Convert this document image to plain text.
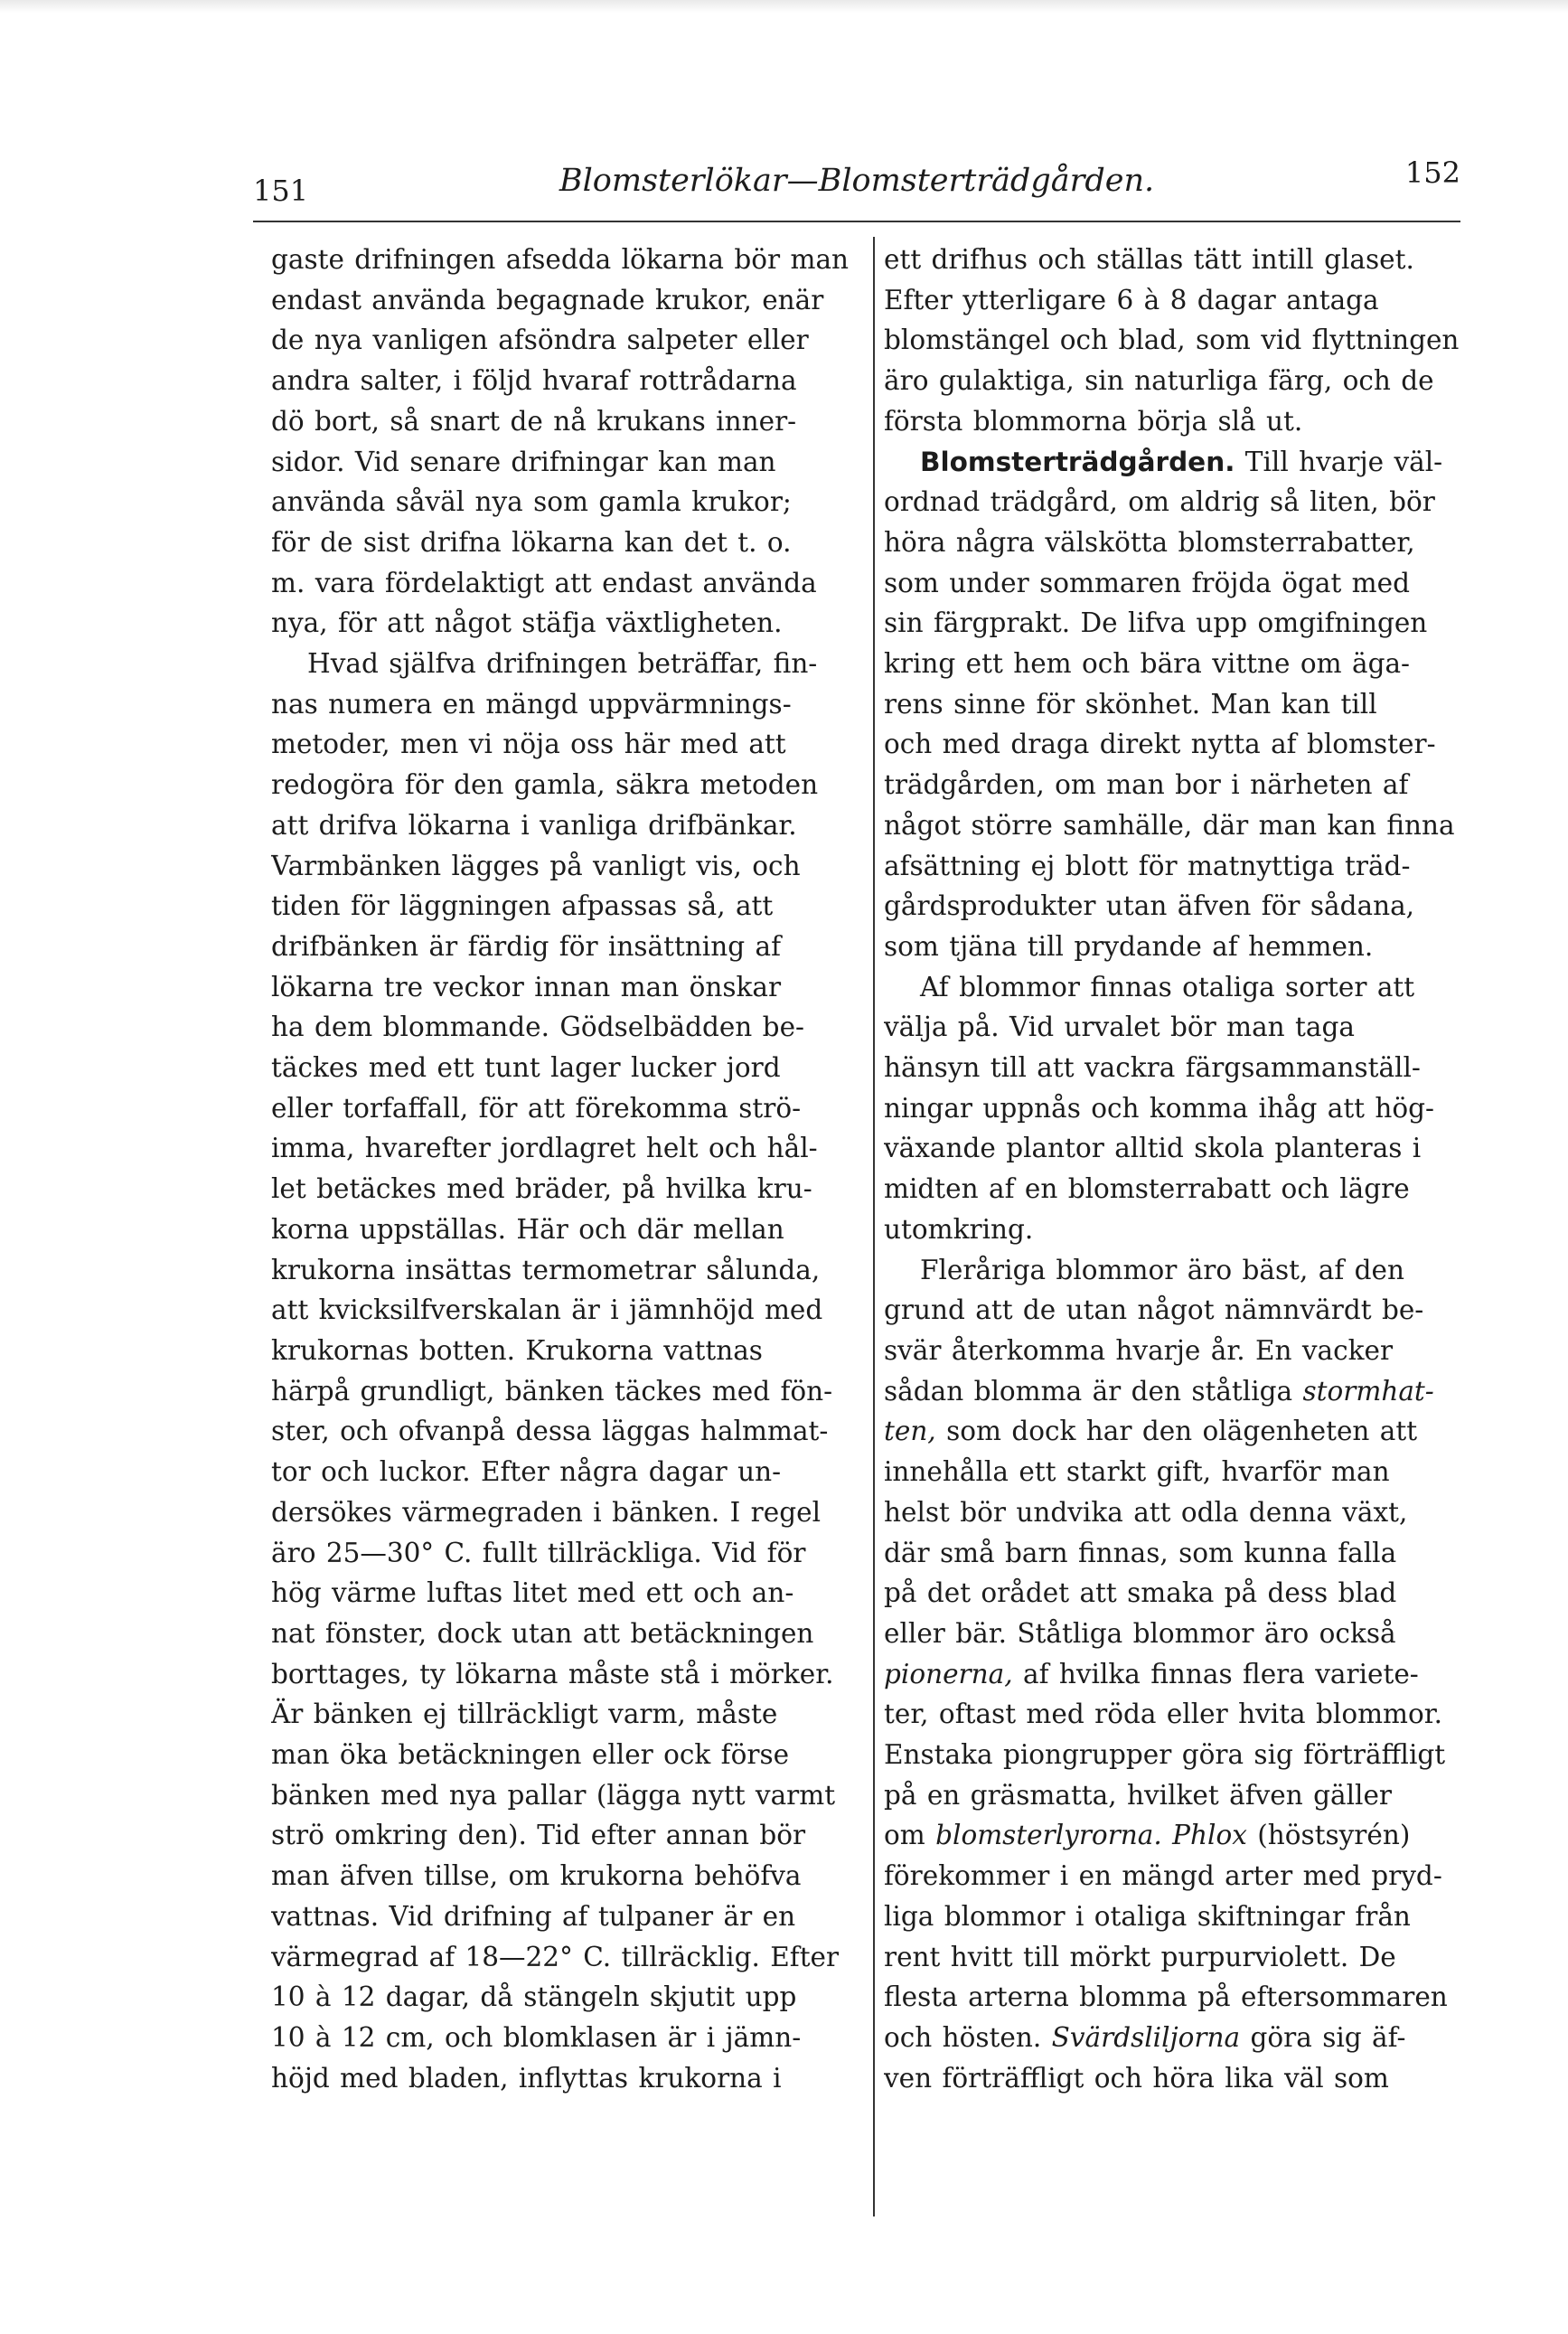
151	Blomsterlökar—Blomsterträdgården.	152
gaste drifningen afsedda lökarna bör man
endast använda begagnade krukor, enär
de nya vanligen afsöndra salpeter eller
andra salter, i följd hvaraf rottrådarna
dö bort, så snart de nå krukans inner-
sidor. Vid senare drifningar kan man
använda såväl nya som gamla krukor;
för de sist drifna lökarna kan det t. o.
m. vara fördelaktigt att endast använda
nya, för att något stäfja växtligheten.
Hvad själfva drifningen beträffar, fin-
nas numera en mängd uppvärmnings-
metoder, men vi nöja oss här med att
redogöra för den gamla, säkra metoden
att drifva lökarna i vanliga drifbänkar.
Varmbänken lägges på vanligt vis, och
tiden för läggningen afpassas så, att
drifbänken är färdig för insättning af
lökarna tre veckor innan man önskar
ha dem blommande. Gödselbädden be-
täckes med ett tunt lager lucker jord
eller torfaffall, för att förekomma strö-
imma, hvarefter jordlagret helt och hål-
let betäckes med bräder, på hvilka kru-
korna uppställas. Här och där mellan
krukorna insättas termometrar sålunda,
att kvicksilfverskalan är i jämnhöjd med
krukornas botten. Krukorna vattnas
härpå grundligt, bänken täckes med fön-
ster, och ofvanpå dessa läggas halmmat-
tor och luckor. Efter några dagar un-
dersökes värmegraden i bänken. I regel
äro 25—30° C. fullt tillräckliga. Vid för
hög värme luftas litet med ett och an-
nat fönster, dock utan att betäckningen
borttages, ty lökarna måste stå i mörker.
Är bänken ej tillräckligt varm, måste
man öka betäckningen eller ock förse
bänken med nya pallar (lägga nytt varmt
strö omkring den). Tid efter annan bör
man äfven tillse, om krukorna behöfva
vattnas. Vid drifning af tulpaner är en
värmegrad af 18—22° C. tillräcklig. Efter
10 à 12 dagar, då stängeln skjutit upp
10 à 12 cm, och blomklasen är i jämn-
höjd med bladen, inflyttas krukorna i
ett drifhus och ställas tätt intill glaset.
Efter ytterligare 6 à 8 dagar antaga
blomstängel och blad, som vid flyttningen
äro gulaktiga, sin naturliga färg, och de
första blommorna börja slå ut.
Blomsterträdgården. Till hvarje väl-
ordnad trädgård, om aldrig så liten, bör
höra några välskötta blomsterrabatter,
som under sommaren fröjda ögat med
sin färgprakt. De lifva upp omgifningen
kring ett hem och bära vittne om äga-
rens sinne för skönhet. Man kan till
och med draga direkt nytta af blomster-
trädgården, om man bor i närheten af
något större samhälle, där man kan finna
afsättning ej blott för matnyttiga träd-
gårdsprodukter utan äfven för sådana,
som tjäna till prydande af hemmen.
Af blommor finnas otaliga sorter att
välja på. Vid urvalet bör man taga
hänsyn till att vackra färgsammanställ-
ningar uppnås och komma ihåg att hög-
växande plantor alltid skola planteras i
midten af en blomsterrabatt och lägre
utomkring.
Fleråriga blommor äro bäst, af den
grund att de utan något nämnvärdt be-
svär återkomma hvarje år. En vacker
sådan blomma är den ståtliga stormhat-
ten, som dock har den olägenheten att
innehålla ett starkt gift, hvarför man
helst bör undvika att odla denna växt,
där små barn finnas, som kunna falla
på det orådet att smaka på dess blad
eller bär. Ståtliga blommor äro också
pionerna, af hvilka finnas flera variete-
ter, oftast med röda eller hvita blommor.
Enstaka piongrupper göra sig förträffligt
på en gräsmatta, hvilket äfven gäller
om blomsterlyrorna. Phlox (höstsyrén)
förekommer i en mängd arter med pryd-
liga blommor i otaliga skiftningar från
rent hvitt till mörkt purpurviolett. De
flesta arterna blomma på eftersommaren
och hösten. Svärdsliljorna göra sig äf-
ven förträffligt och höra lika väl som
